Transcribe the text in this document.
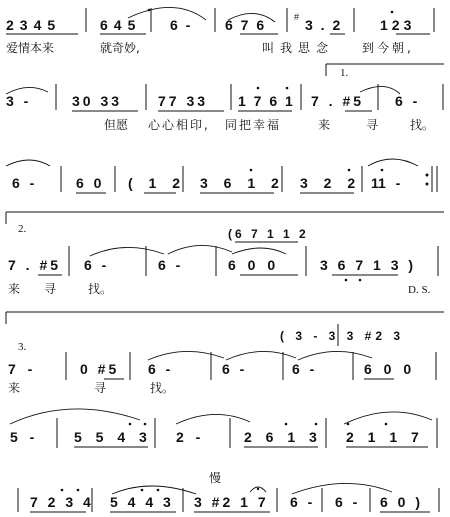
2345	645 6 - 6 7 6	3 . 2	123
#
爱情本来	就奇妙,	叫我思念 到今朝,
1.
3 -	30 33	77 33 1 7 6 1 7 . #5 6 -
但愿 心心相印, 同把幸福	来	寻	找。
6 -	6 0 ( 1 2 3 6 1 2 3 2 2 1
1 -
2.	(6 7 1 1 2
7 . #5 6 -	6 -	6 0 0	3 6 7 1 3 )
来 寻	找。	D. S.
3.
( 3 - 3 3 #2 3
7 -	0 #5 6 -	6 -	6 -	6 0 0
来	寻	找。
5 -	5 5 4 3 2 -	2 6 1 3 2 1 1 7
慢
7 2 3 4 5 4 4 3 3 #2 1 7 6 - 6 - 6 0 )
